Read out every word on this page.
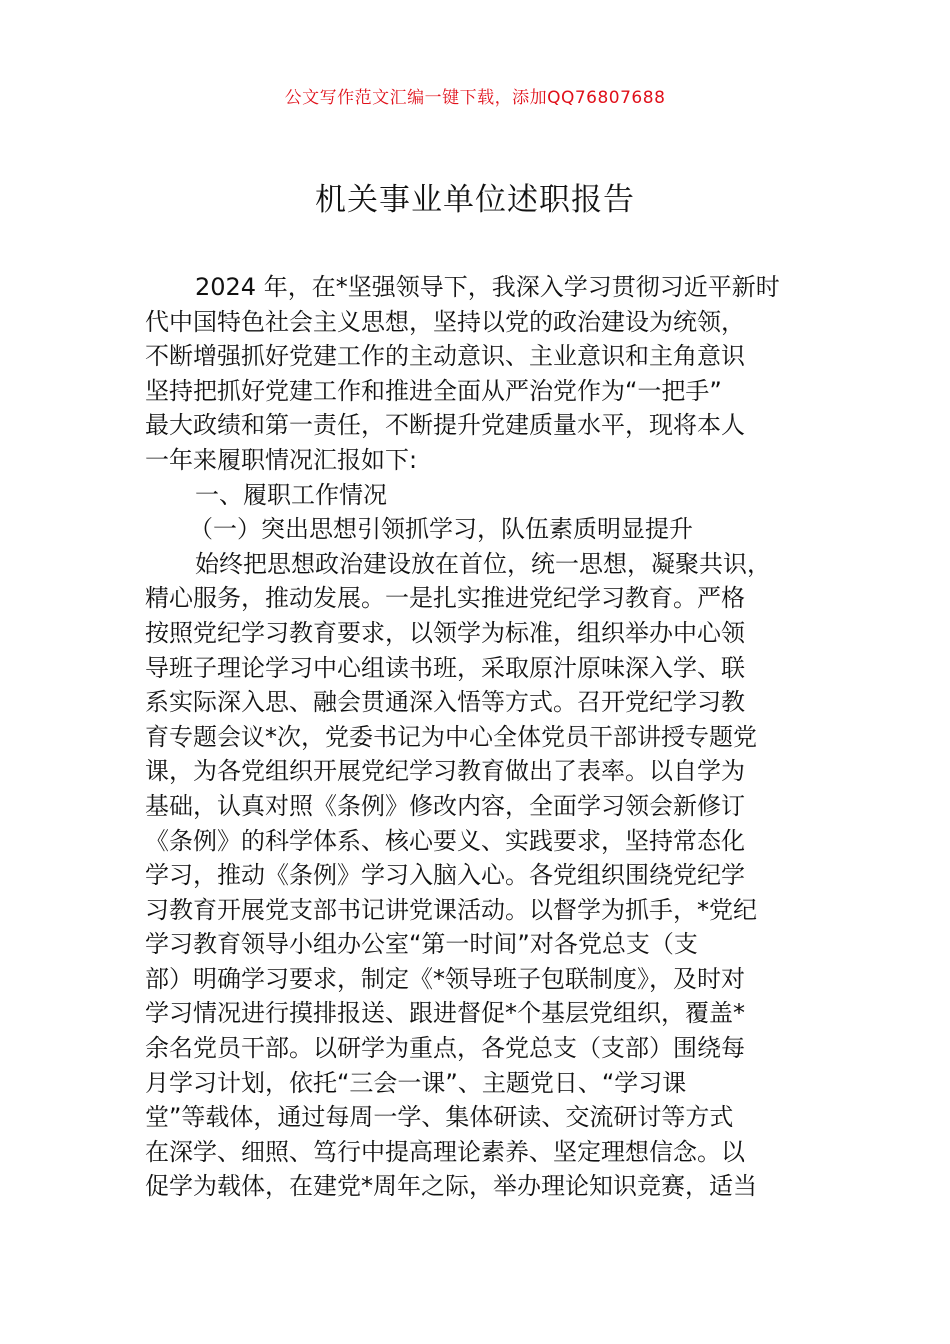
公文写作范文汇编一键下载，添加QQ76807688
机关事业单位述职报告
2024 年，在*坚强领导下，我深入学习贯彻习近平新时
代中国特色社会主义思想，坚持以党的政治建设为统领，
不断增强抓好党建工作的主动意识、主业意识和主角意识
坚持把抓好党建工作和推进全面从严治党作为“一把手”
最大政绩和第一责任，不断提升党建质量水平，现将本人
一年来履职情况汇报如下:
一、履职工作情况
（一）突出思想引领抓学习，队伍素质明显提升
始终把思想政治建设放在首位，统一思想，凝聚共识，
精心服务，推动发展。一是扎实推进党纪学习教育。严格
按照党纪学习教育要求，以领学为标准，组织举办中心领
导班子理论学习中心组读书班，采取原汁原味深入学、联
系实际深入思、融会贯通深入悟等方式。召开党纪学习教
育专题会议*次，党委书记为中心全体党员干部讲授专题党
课，为各党组织开展党纪学习教育做出了表率。以自学为
基础，认真对照《条例》修改内容，全面学习领会新修订
《条例》的科学体系、核心要义、实践要求，坚持常态化
学习，推动《条例》学习入脑入心。各党组织围绕党纪学
习教育开展党支部书记讲党课活动。以督学为抓手，*党纪
学习教育领导小组办公室“第一时间”对各党总支（支
部）明确学习要求，制定《*领导班子包联制度》，及时对
学习情况进行摸排报送、跟进督促*个基层党组织，覆盖*
余名党员干部。以研学为重点，各党总支（支部）围绕每
月学习计划，依托“三会一课”、主题党日、“学习课
堂”等载体，通过每周一学、集体研读、交流研讨等方式
在深学、细照、笃行中提高理论素养、坚定理想信念。以
促学为载体，在建党*周年之际，举办理论知识竞赛，适当
